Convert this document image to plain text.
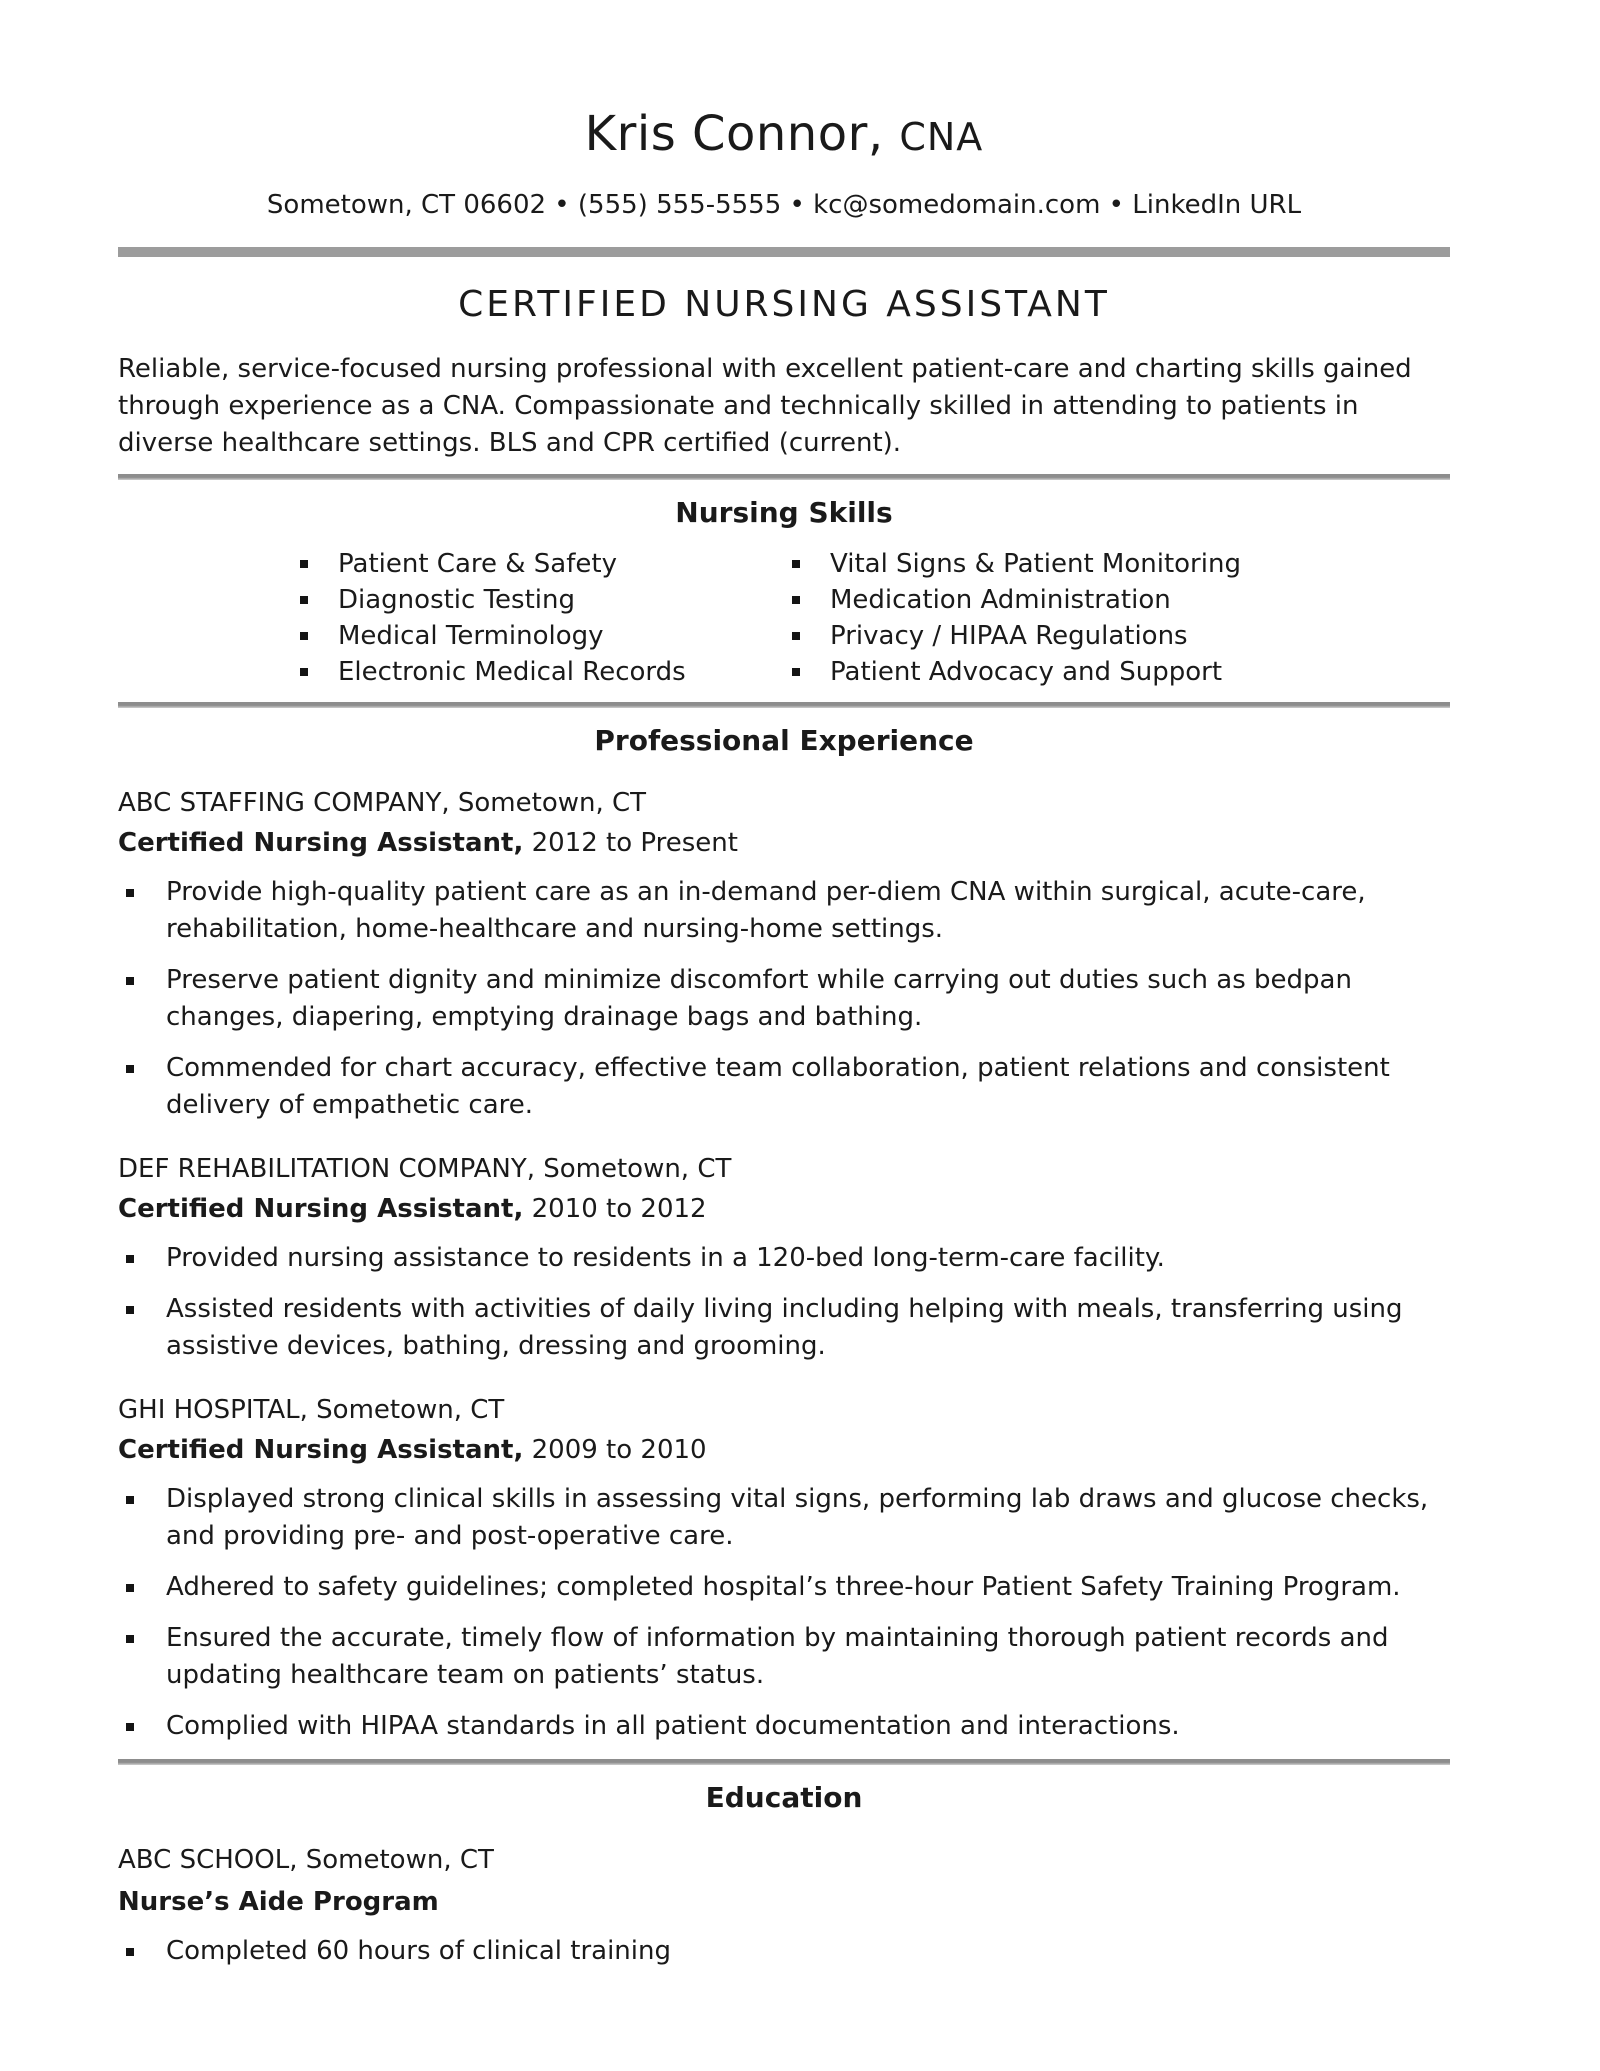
Kris Connor, CNA
Sometown, CT 06602 • (555) 555-5555 • kc@somedomain.com • LinkedIn URL
CERTIFIED NURSING ASSISTANT
Reliable, service-focused nursing professional with excellent patient-care and charting skills gained through experience as a CNA. Compassionate and technically skilled in attending to patients in diverse healthcare settings. BLS and CPR certified (current).
Nursing Skills
Patient Care & Safety
Diagnostic Testing
Medical Terminology
Electronic Medical Records
Vital Signs & Patient Monitoring
Medication Administration
Privacy / HIPAA Regulations
Patient Advocacy and Support
Professional Experience
ABC STAFFING COMPANY, Sometown, CT
Certified Nursing Assistant, 2012 to Present
Provide high-quality patient care as an in-demand per-diem CNA within surgical, acute-care, rehabilitation, home-healthcare and nursing-home settings.
Preserve patient dignity and minimize discomfort while carrying out duties such as bedpan changes, diapering, emptying drainage bags and bathing.
Commended for chart accuracy, effective team collaboration, patient relations and consistent delivery of empathetic care.
DEF REHABILITATION COMPANY, Sometown, CT
Certified Nursing Assistant, 2010 to 2012
Provided nursing assistance to residents in a 120-bed long-term-care facility.
Assisted residents with activities of daily living including helping with meals, transferring using assistive devices, bathing, dressing and grooming.
GHI HOSPITAL, Sometown, CT
Certified Nursing Assistant, 2009 to 2010
Displayed strong clinical skills in assessing vital signs, performing lab draws and glucose checks, and providing pre- and post-operative care.
Adhered to safety guidelines; completed hospital’s three-hour Patient Safety Training Program.
Ensured the accurate, timely flow of information by maintaining thorough patient records and updating healthcare team on patients’ status.
Complied with HIPAA standards in all patient documentation and interactions.
Education
ABC SCHOOL, Sometown, CT
Nurse’s Aide Program
Completed 60 hours of clinical training
